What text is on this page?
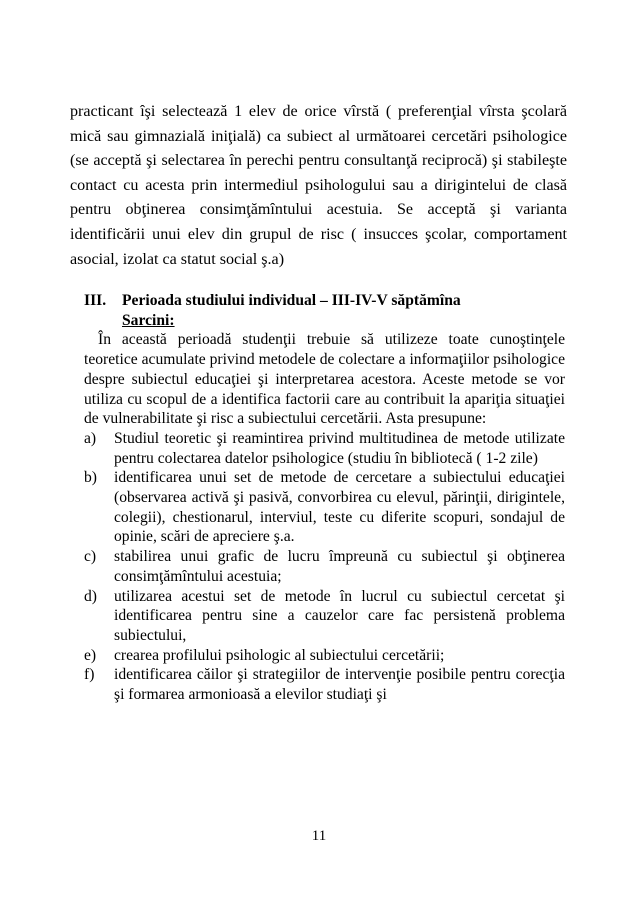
practicant îşi selectează 1 elev de orice vîrstă ( preferenţial vîrsta şcolară mică sau gimnazială iniţială) ca subiect al următoarei cercetări psihologice (se acceptă şi selectarea în perechi pentru consultanţă reciprocă) şi stabileşte contact cu acesta prin intermediul psihologului sau a dirigintelui de clasă pentru obţinerea consimţămîntului acestuia. Se acceptă şi varianta identificării unui elev din grupul de risc ( insucces şcolar, comportament asocial, izolat ca statut social ş.a)

III. Perioada studiului individual – III-IV-V săptămîna

Sarcini:

În această perioadă studenţii trebuie să utilizeze toate cunoştinţele teoretice acumulate privind metodele de colectare a informaţiilor psihologice despre subiectul educaţiei şi interpretarea acestora. Aceste metode se vor utiliza cu scopul de a identifica factorii care au contribuit la apariţia situaţiei de vulnerabilitate şi risc a subiectului cercetării. Asta presupune:

a) Studiul teoretic şi reamintirea privind multitudinea de metode utilizate pentru colectarea datelor psihologice (studiu în bibliotecă ( 1-2 zile)
b) identificarea unui set de metode de cercetare a subiectului educaţiei (observarea activă şi pasivă, convorbirea cu elevul, părinţii, dirigintele, colegii), chestionarul, interviul, teste cu diferite scopuri, sondajul de opinie, scări de apreciere ş.a.
c) stabilirea unui grafic de lucru împreună cu subiectul şi obţinerea consimţămîntului acestuia;
d) utilizarea acestui set de metode în lucrul cu subiectul cercetat şi identificarea pentru sine a cauzelor care fac persistenă problema subiectului,
e) crearea profilului psihologic al subiectului cercetării;
f) identificarea căilor şi strategiilor de intervenţie posibile pentru corecţia şi formarea armonioasă a elevilor studiaţi şi
11
